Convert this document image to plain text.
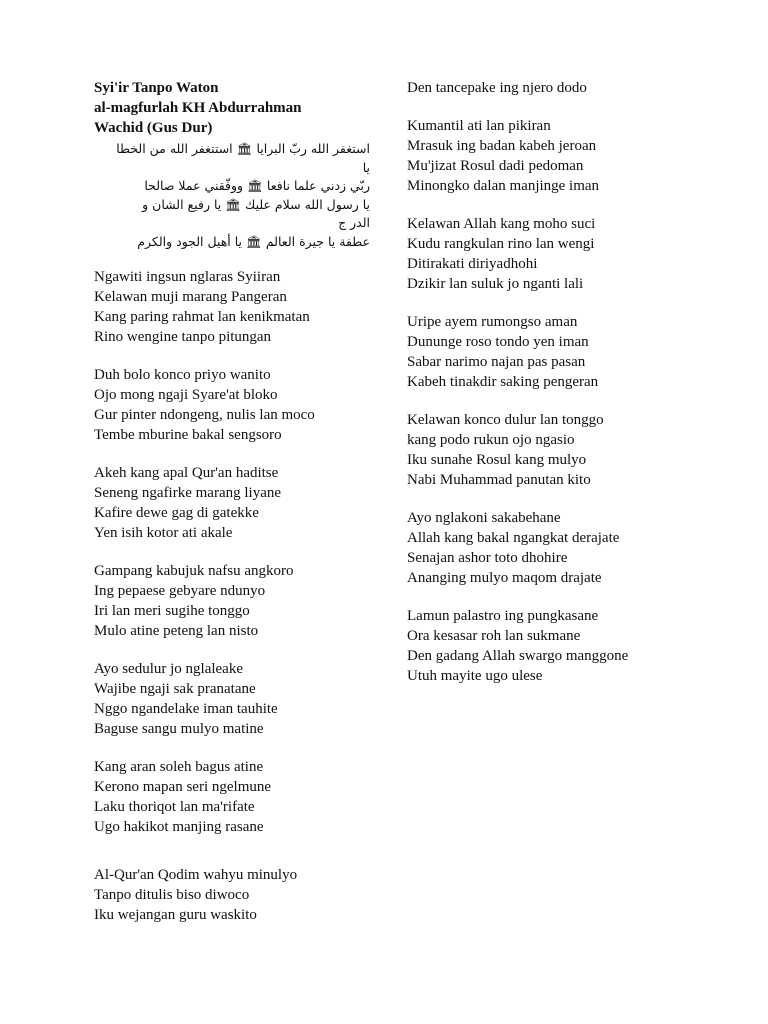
Syi'ir Tanpo Waton

al-magfurlah KH Abdurrahman

Wachid (Gus Dur)

استغفر الله ربّ البرايا 🏛 استتغفر الله من الخطا
يا
ربّي زدني علما نافعا 🏛 ووفّقني عملا صالحا
يا رسول الله سلام عليك 🏛 يا رفيع الشان و
الدر ج
عطفة يا جيرة العالم 🏛 يا أهيل الجود والكرم
Ngawiti ingsun nglaras Syiiran
Kelawan muji marang Pangeran
Kang paring rahmat lan kenikmatan
Rino wengine tanpo pitungan
Duh bolo konco priyo wanito
Ojo mong ngaji Syare'at bloko
Gur pinter ndongeng, nulis lan moco
Tembe mburine bakal sengsoro
Akeh kang apal Qur'an haditse
Seneng ngafirke marang liyane
Kafire dewe gag di gatekke
Yen isih kotor ati akale
Gampang kabujuk nafsu angkoro
Ing pepaese gebyare ndunyo
Iri lan meri sugihe tonggo
Mulo atine peteng lan nisto
Ayo sedulur jo nglaleake
Wajibe ngaji sak pranatane
Nggo ngandelake iman tauhite
Baguse sangu mulyo matine
Kang aran soleh bagus atine
Kerono mapan seri ngelmune
Laku thoriqot lan ma'rifate
Ugo hakikot manjing rasane
Al-Qur'an Qodim wahyu minulyo
Tanpo ditulis biso diwoco
Iku wejangan guru waskito
Den tancepake ing njero dodo
Kumantil ati lan pikiran
Mrasuk ing badan kabeh jeroan
Mu'jizat Rosul dadi pedoman
Minongko dalan manjinge iman
Kelawan Allah kang moho suci
Kudu rangkulan rino lan wengi
Ditirakati diriyadhohi
Dzikir lan suluk jo nganti lali
Uripe ayem rumongso aman
Dununge roso tondo yen iman
Sabar narimo najan pas pasan
Kabeh tinakdir saking pengeran
Kelawan konco dulur lan tonggo
kang podo rukun ojo ngasio
Iku sunahe Rosul kang mulyo
Nabi Muhammad panutan kito
Ayo nglakoni sakabehane
Allah kang bakal ngangkat derajate
Senajan ashor toto dhohire
Ananging mulyo maqom drajate
Lamun palastro ing pungkasane
Ora kesasar roh lan sukmane
Den gadang Allah swargo manggone
Utuh mayite ugo ulese
